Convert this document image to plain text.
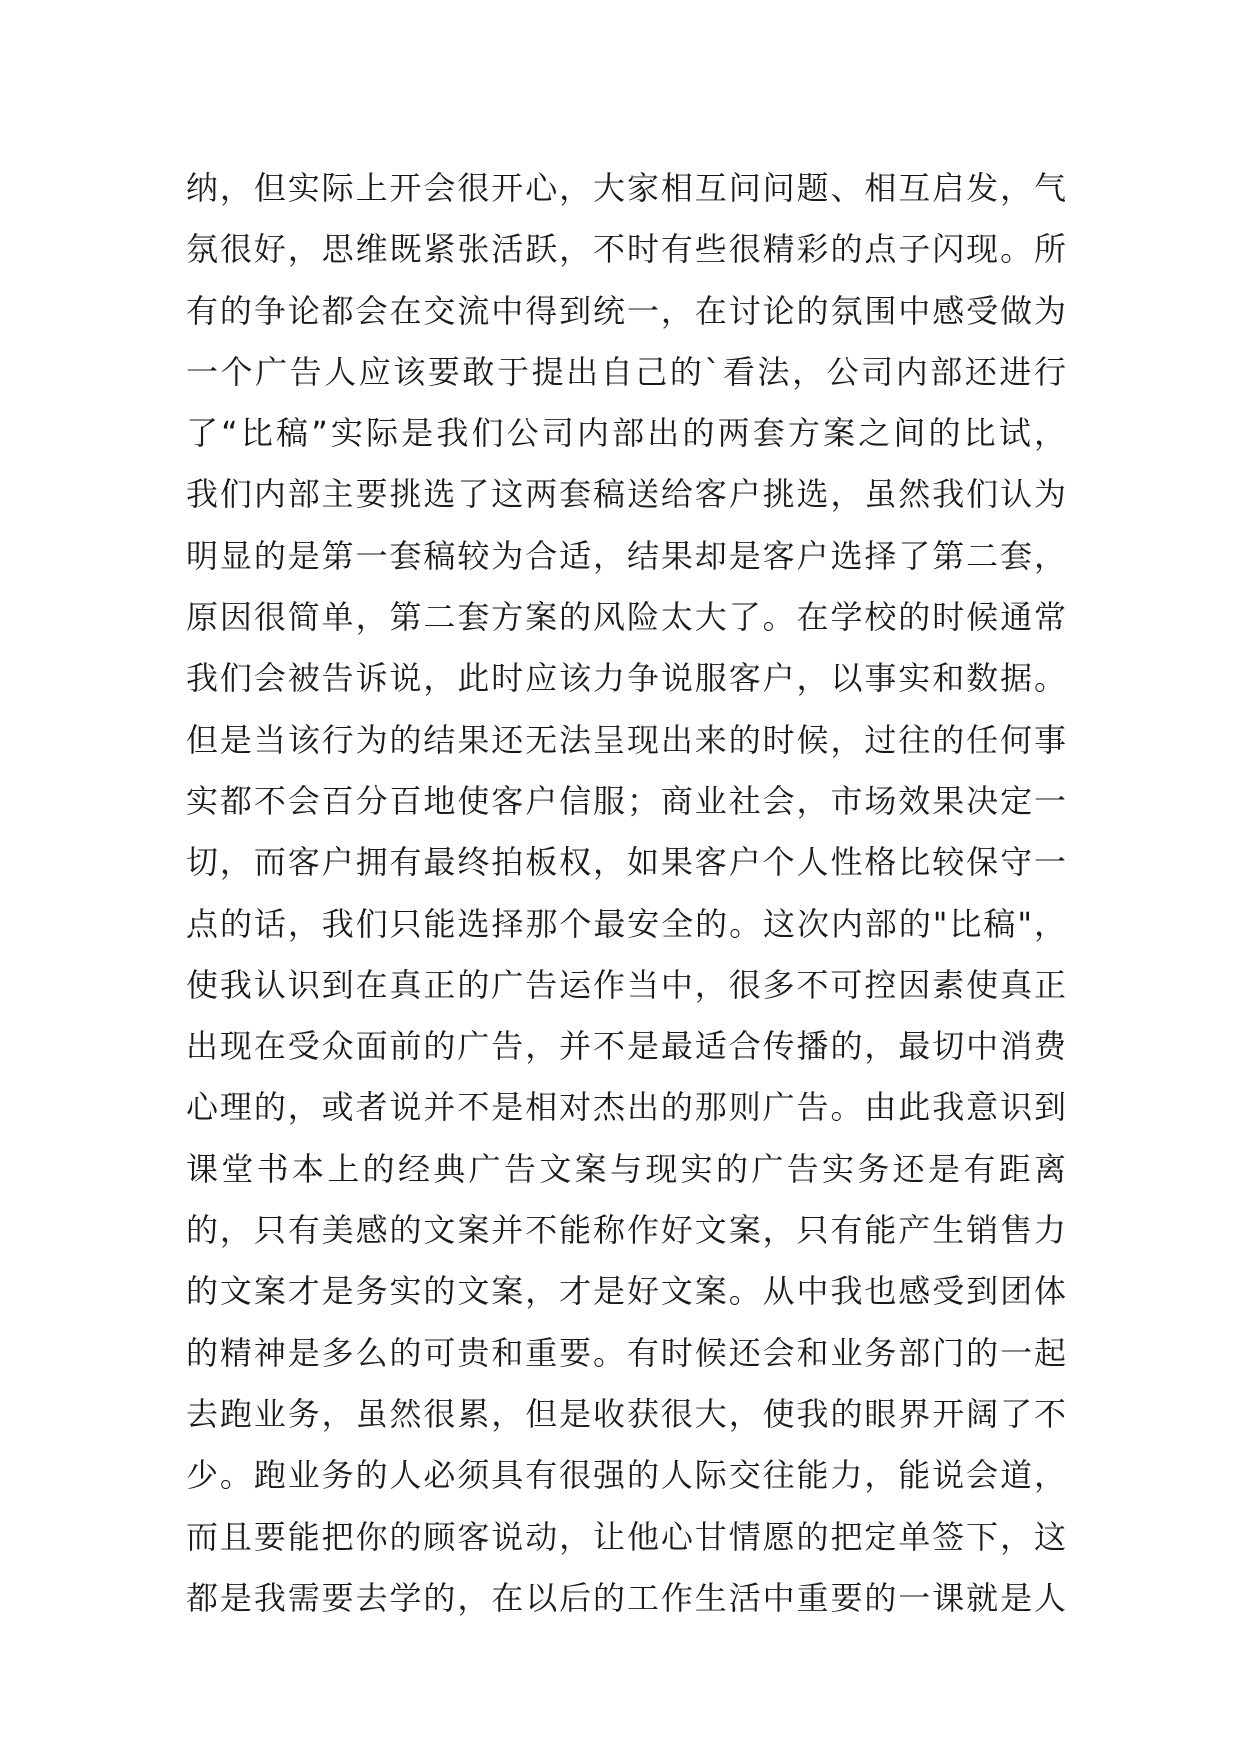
纳，但实际上开会很开心，大家相互问问题、相互启发，气
氛很好，思维既紧张活跃，不时有些很精彩的点子闪现。所
有的争论都会在交流中得到统一，在讨论的氛围中感受做为
一个广告人应该要敢于提出自己的`看法，公司内部还进行
了“比稿”实际是我们公司内部出的两套方案之间的比试，
我们内部主要挑选了这两套稿送给客户挑选，虽然我们认为
明显的是第一套稿较为合适，结果却是客户选择了第二套，
原因很简单，第二套方案的风险太大了。在学校的时候通常
我们会被告诉说，此时应该力争说服客户，以事实和数据。
但是当该行为的结果还无法呈现出来的时候，过往的任何事
实都不会百分百地使客户信服；商业社会，市场效果决定一
切，而客户拥有最终拍板权，如果客户个人性格比较保守一
点的话，我们只能选择那个最安全的。这次内部的"比稿"，
使我认识到在真正的广告运作当中，很多不可控因素使真正
出现在受众面前的广告，并不是最适合传播的，最切中消费
心理的，或者说并不是相对杰出的那则广告。由此我意识到
课堂书本上的经典广告文案与现实的广告实务还是有距离
的，只有美感的文案并不能称作好文案，只有能产生销售力
的文案才是务实的文案，才是好文案。从中我也感受到团体
的精神是多么的可贵和重要。有时候还会和业务部门的一起
去跑业务，虽然很累，但是收获很大，使我的眼界开阔了不
少。跑业务的人必须具有很强的人际交往能力，能说会道，
而且要能把你的顾客说动，让他心甘情愿的把定单签下，这
都是我需要去学的，在以后的工作生活中重要的一课就是人
